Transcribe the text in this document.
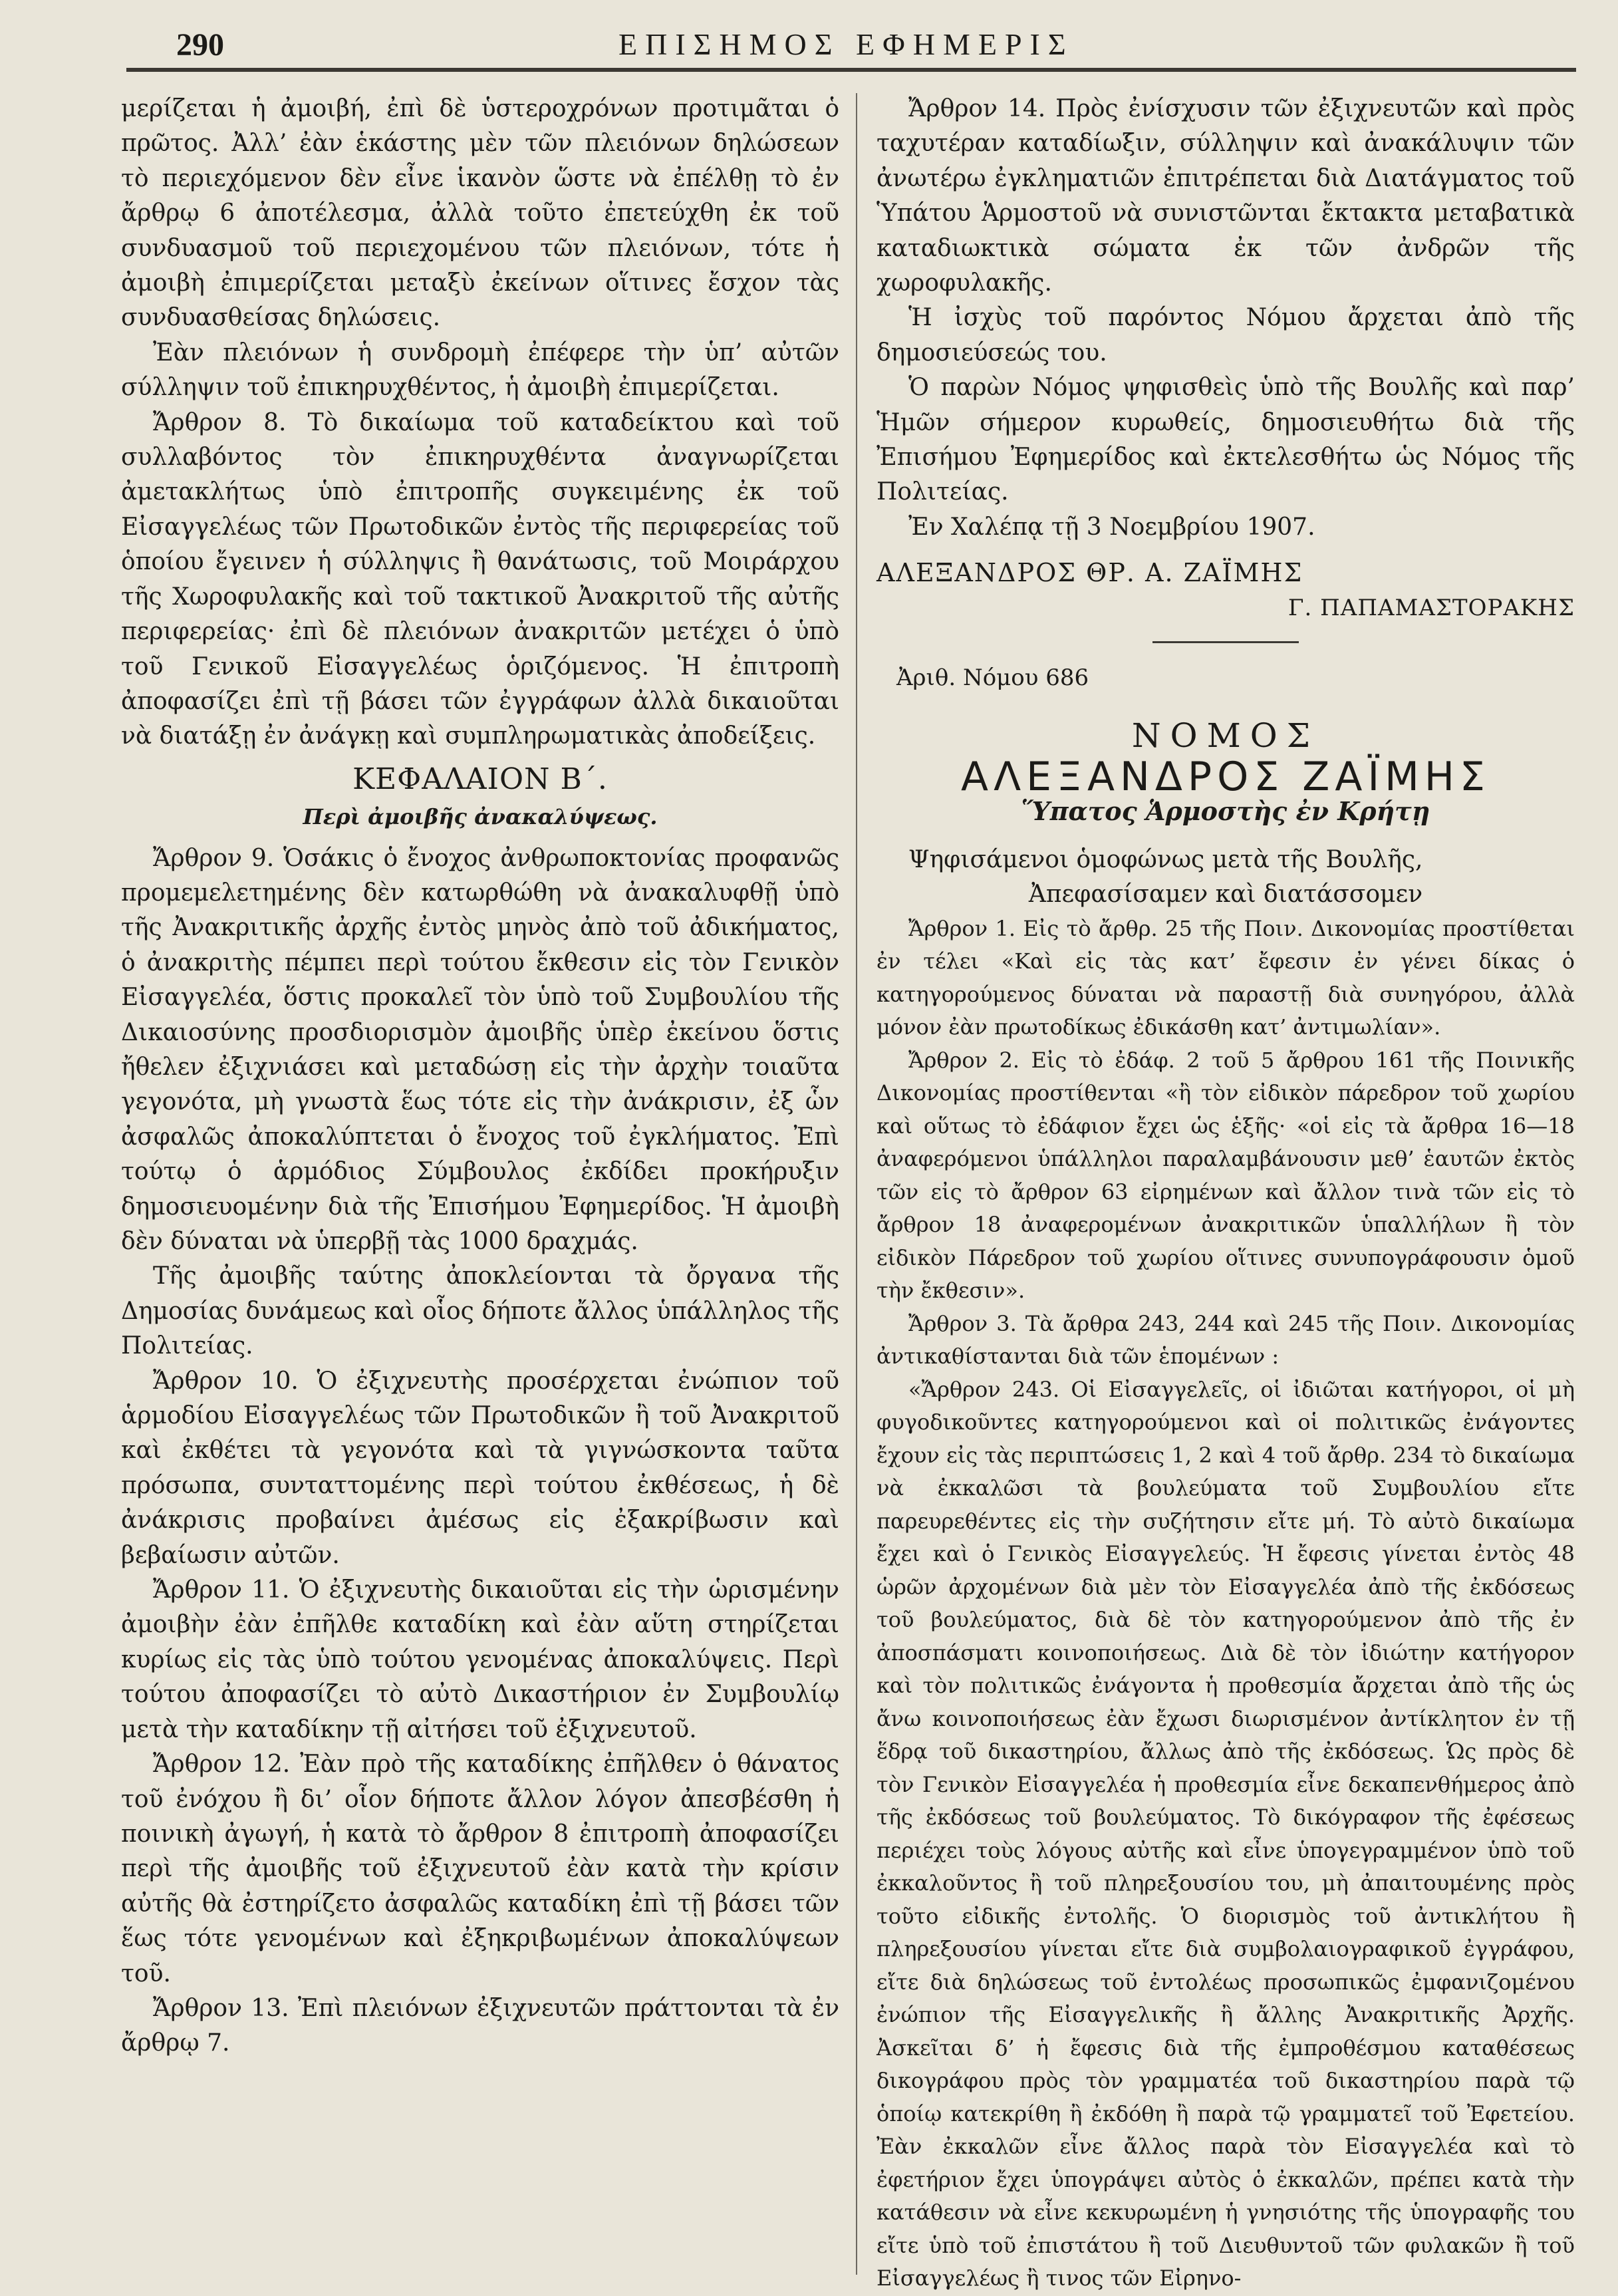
290	ΕΠΙΣΗΜΟΣ ΕΦΗΜΕΡΙΣ

μερίζεται ἡ ἀμοιβή, ἐπὶ δὲ ὑστεροχρόνων προτιμᾶται ὁ πρῶτος. Ἀλλ’ ἐὰν ἑκάστης μὲν τῶν πλειόνων δηλώσεων τὸ περιεχόμενον δὲν εἶνε ἱκανὸν ὥστε νὰ ἐπέλθῃ τὸ ἐν ἄρθρῳ 6 ἀποτέλεσμα, ἀλλὰ τοῦτο ἐπετεύχθη ἐκ τοῦ συνδυασμοῦ τοῦ περιεχομένου τῶν πλειόνων, τότε ἡ ἀμοιβὴ ἐπιμερίζεται μεταξὺ ἐκείνων οἵτινες ἔσχον τὰς συνδυασθείσας δηλώσεις.

Ἐὰν πλειόνων ἡ συνδρομὴ ἐπέφερε τὴν ὑπ’ αὐτῶν σύλληψιν τοῦ ἐπικηρυχθέντος, ἡ ἀμοιβὴ ἐπιμερίζεται.

Ἄρθρον 8. Τὸ δικαίωμα τοῦ καταδείκτου καὶ τοῦ συλλαβόντος τὸν ἐπικηρυχθέντα ἀναγνωρίζεται ἀμετακλήτως ὑπὸ ἐπιτροπῆς συγκειμένης ἐκ τοῦ Εἰσαγγελέως τῶν Πρωτοδικῶν ἐντὸς τῆς περιφερείας τοῦ ὁποίου ἔγεινεν ἡ σύλληψις ἢ θανάτωσις, τοῦ Μοιράρχου τῆς Χωροφυλακῆς καὶ τοῦ τακτικοῦ Ἀνακριτοῦ τῆς αὐτῆς περιφερείας· ἐπὶ δὲ πλειόνων ἀνακριτῶν μετέχει ὁ ὑπὸ τοῦ Γενικοῦ Εἰσαγγελέως ὁριζόμενος. Ἡ ἐπιτροπὴ ἀποφασίζει ἐπὶ τῇ βάσει τῶν ἐγγράφων ἀλλὰ δικαιοῦται νὰ διατάξῃ ἐν ἀνάγκῃ καὶ συμπληρωματικὰς ἀποδείξεις.

ΚΕΦΑΛΑΙΟΝ Β΄.

Περὶ ἀμοιβῆς ἀνακαλύψεως.

Ἄρθρον 9. Ὁσάκις ὁ ἔνοχος ἀνθρωποκτονίας προφανῶς προμεμελετημένης δὲν κατωρθώθη νὰ ἀνακαλυφθῇ ὑπὸ τῆς Ἀνακριτικῆς ἀρχῆς ἐντὸς μηνὸς ἀπὸ τοῦ ἀδικήματος, ὁ ἀνακριτὴς πέμπει περὶ τούτου ἔκθεσιν εἰς τὸν Γενικὸν Εἰσαγγελέα, ὅστις προκαλεῖ τὸν ὑπὸ τοῦ Συμβουλίου τῆς Δικαιοσύνης προσδιορισμὸν ἀμοιβῆς ὑπὲρ ἐκείνου ὅστις ἤθελεν ἐξιχνιάσει καὶ μεταδώσῃ εἰς τὴν ἀρχὴν τοιαῦτα γεγονότα, μὴ γνωστὰ ἕως τότε εἰς τὴν ἀνάκρισιν, ἐξ ὧν ἀσφαλῶς ἀποκαλύπτεται ὁ ἔνοχος τοῦ ἐγκλήματος. Ἐπὶ τούτῳ ὁ ἁρμόδιος Σύμβουλος ἐκδίδει προκήρυξιν δημοσιευομένην διὰ τῆς Ἐπισήμου Ἐφημερίδος. Ἡ ἀμοιβὴ δὲν δύναται νὰ ὑπερβῇ τὰς 1000 δραχμάς.

Τῆς ἀμοιβῆς ταύτης ἀποκλείονται τὰ ὄργανα τῆς Δημοσίας δυνάμεως καὶ οἷος δήποτε ἄλλος ὑπάλληλος τῆς Πολιτείας.

Ἄρθρον 10. Ὁ ἐξιχνευτὴς προσέρχεται ἐνώπιον τοῦ ἁρμοδίου Εἰσαγγελέως τῶν Πρωτοδικῶν ἢ τοῦ Ἀνακριτοῦ καὶ ἐκθέτει τὰ γεγονότα καὶ τὰ γιγνώσκοντα ταῦτα πρόσωπα, συνταττομένης περὶ τούτου ἐκθέσεως, ἡ δὲ ἀνάκρισις προβαίνει ἀμέσως εἰς ἐξακρίβωσιν καὶ βεβαίωσιν αὐτῶν.

Ἄρθρον 11. Ὁ ἐξιχνευτὴς δικαιοῦται εἰς τὴν ὡρισμένην ἀμοιβὴν ἐὰν ἐπῆλθε καταδίκη καὶ ἐὰν αὕτη στηρίζεται κυρίως εἰς τὰς ὑπὸ τούτου γενομένας ἀποκαλύψεις. Περὶ τούτου ἀποφασίζει τὸ αὐτὸ Δικαστήριον ἐν Συμβουλίῳ μετὰ τὴν καταδίκην τῇ αἰτήσει τοῦ ἐξιχνευτοῦ.

Ἄρθρον 12. Ἐὰν πρὸ τῆς καταδίκης ἐπῆλθεν ὁ θάνατος τοῦ ἐνόχου ἢ δι’ οἷον δήποτε ἄλλον λόγον ἀπεσβέσθη ἡ ποινικὴ ἀγωγή, ἡ κατὰ τὸ ἄρθρον 8 ἐπιτροπὴ ἀποφασίζει περὶ τῆς ἀμοιβῆς τοῦ ἐξιχνευτοῦ ἐὰν κατὰ τὴν κρίσιν αὐτῆς θὰ ἐστηρίζετο ἀσφαλῶς καταδίκη ἐπὶ τῇ βάσει τῶν ἕως τότε γενομένων καὶ ἐξηκριβωμένων ἀποκαλύψεων τοῦ.

Ἄρθρον 13. Ἐπὶ πλειόνων ἐξιχνευτῶν πράττονται τὰ ἐν ἄρθρῳ 7.

Ἄρθρον 14. Πρὸς ἐνίσχυσιν τῶν ἐξιχνευτῶν καὶ πρὸς ταχυτέραν καταδίωξιν, σύλληψιν καὶ ἀνακάλυψιν τῶν ἀνωτέρω ἐγκληματιῶν ἐπιτρέπεται διὰ Διατάγματος τοῦ Ὑπάτου Ἁρμοστοῦ νὰ συνιστῶνται ἔκτακτα μεταβατικὰ καταδιωκτικὰ σώματα ἐκ τῶν ἀνδρῶν τῆς χωροφυλακῆς.

Ἡ ἰσχὺς τοῦ παρόντος Νόμου ἄρχεται ἀπὸ τῆς δημοσιεύσεώς του.

Ὁ παρὼν Νόμος ψηφισθεὶς ὑπὸ τῆς Βουλῆς καὶ παρ’ Ἡμῶν σήμερον κυρωθείς, δημοσιευθήτω διὰ τῆς Ἐπισήμου Ἐφημερίδος καὶ ἐκτελεσθήτω ὡς Νόμος τῆς Πολιτείας.

Ἐν Χαλέπᾳ τῇ 3 Νοεμβρίου 1907.

ΑΛΕΞΑΝΔΡΟΣ ΘΡ. Α. ΖΑΪΜΗΣ

Γ. ΠΑΠΑΜΑΣΤΟΡΑΚΗΣ

Ἀριθ. Νόμου 686

ΝΟΜΟΣ

ΑΛΕΞΑΝΔΡΟΣ ΖΑΪΜΗΣ

Ὕπατος Ἁρμοστὴς ἐν Κρήτῃ

Ψηφισάμενοι ὁμοφώνως μετὰ τῆς Βουλῆς,

Ἀπεφασίσαμεν καὶ διατάσσομεν

Ἄρθρον 1. Εἰς τὸ ἄρθρ. 25 τῆς Ποιν. Δικονομίας προστίθεται ἐν τέλει «Καὶ εἰς τὰς κατ’ ἔφεσιν ἐν γένει δίκας ὁ κατηγορούμενος δύναται νὰ παραστῇ διὰ συνηγόρου, ἀλλὰ μόνον ἐὰν πρωτοδίκως ἐδικάσθη κατ’ ἀντιμωλίαν».

Ἄρθρον 2. Εἰς τὸ ἐδάφ. 2 τοῦ 5 ἄρθρου 161 τῆς Ποινικῆς Δικονομίας προστίθενται «ἢ τὸν εἰδικὸν πάρεδρον τοῦ χωρίου καὶ οὕτως τὸ ἐδάφιον ἔχει ὡς ἑξῆς· «οἱ εἰς τὰ ἄρθρα 16—18 ἀναφερόμενοι ὑπάλληλοι παραλαμβάνουσιν μεθ’ ἑαυτῶν ἐκτὸς τῶν εἰς τὸ ἄρθρον 63 εἰρημένων καὶ ἄλλον τινὰ τῶν εἰς τὸ ἄρθρον 18 ἀναφερομένων ἀνακριτικῶν ὑπαλλήλων ἢ τὸν εἰδικὸν Πάρεδρον τοῦ χωρίου οἵτινες συνυπογράφουσιν ὁμοῦ τὴν ἔκθεσιν».

Ἄρθρον 3. Τὰ ἄρθρα 243, 244 καὶ 245 τῆς Ποιν. Δικονομίας ἀντικαθίστανται διὰ τῶν ἑπομένων :

«Ἄρθρον 243. Οἱ Εἰσαγγελεῖς, οἱ ἰδιῶται κατήγοροι, οἱ μὴ φυγοδικοῦντες κατηγορούμενοι καὶ οἱ πολιτικῶς ἐνάγοντες ἔχουν εἰς τὰς περιπτώσεις 1, 2 καὶ 4 τοῦ ἄρθρ. 234 τὸ δικαίωμα νὰ ἐκκαλῶσι τὰ βουλεύματα τοῦ Συμβουλίου εἴτε παρευρεθέντες εἰς τὴν συζήτησιν εἴτε μή. Τὸ αὐτὸ δικαίωμα ἔχει καὶ ὁ Γενικὸς Εἰσαγγελεύς. Ἡ ἔφεσις γίνεται ἐντὸς 48 ὡρῶν ἀρχομένων διὰ μὲν τὸν Εἰσαγγελέα ἀπὸ τῆς ἐκδόσεως τοῦ βουλεύματος, διὰ δὲ τὸν κατηγορούμενον ἀπὸ τῆς ἐν ἀποσπάσματι κοινοποιήσεως. Διὰ δὲ τὸν ἰδιώτην κατήγορον καὶ τὸν πολιτικῶς ἐνάγοντα ἡ προθεσμία ἄρχεται ἀπὸ τῆς ὡς ἄνω κοινοποιήσεως ἐὰν ἔχωσι διωρισμένον ἀντίκλητον ἐν τῇ ἕδρᾳ τοῦ δικαστηρίου, ἄλλως ἀπὸ τῆς ἐκδόσεως. Ὡς πρὸς δὲ τὸν Γενικὸν Εἰσαγγελέα ἡ προθεσμία εἶνε δεκαπενθήμερος ἀπὸ τῆς ἐκδόσεως τοῦ βουλεύματος. Τὸ δικόγραφον τῆς ἐφέσεως περιέχει τοὺς λόγους αὐτῆς καὶ εἶνε ὑπογεγραμμένον ὑπὸ τοῦ ἐκκαλοῦντος ἢ τοῦ πληρεξουσίου του, μὴ ἀπαιτουμένης πρὸς τοῦτο εἰδικῆς ἐντολῆς. Ὁ διορισμὸς τοῦ ἀντικλήτου ἢ πληρεξουσίου γίνεται εἴτε διὰ συμβολαιογραφικοῦ ἐγγράφου, εἴτε διὰ δηλώσεως τοῦ ἐντολέως προσωπικῶς ἐμφανιζομένου ἐνώπιον τῆς Εἰσαγγελικῆς ἢ ἄλλης Ἀνακριτικῆς Ἀρχῆς. Ἀσκεῖται δ’ ἡ ἔφεσις διὰ τῆς ἐμπροθέσμου καταθέσεως δικογράφου πρὸς τὸν γραμματέα τοῦ δικαστηρίου παρὰ τῷ ὁποίῳ κατεκρίθη ἢ ἐκδόθη ἢ παρὰ τῷ γραμματεῖ τοῦ Ἐφετείου. Ἐὰν ἐκκαλῶν εἶνε ἄλλος παρὰ τὸν Εἰσαγγελέα καὶ τὸ ἐφετήριον ἔχει ὑπογράψει αὐτὸς ὁ ἐκκαλῶν, πρέπει κατὰ τὴν κατάθεσιν νὰ εἶνε κεκυρωμένη ἡ γνησιότης τῆς ὑπογραφῆς του εἴτε ὑπὸ τοῦ ἐπιστάτου ἢ τοῦ Διευθυντοῦ τῶν φυλακῶν ἢ τοῦ Εἰσαγγελέως ἢ τινος τῶν Εἰρηνο-
